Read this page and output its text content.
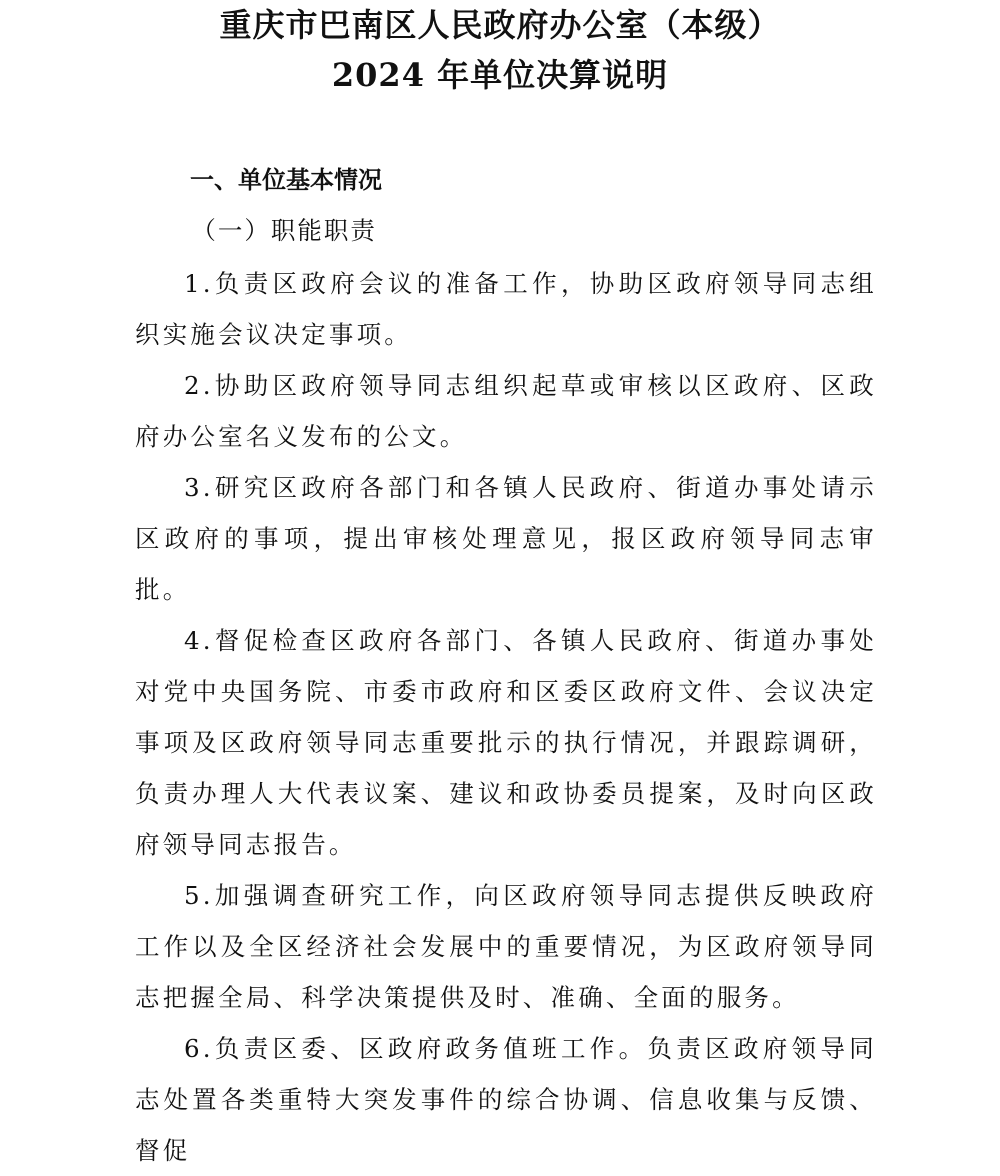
重庆市巴南区人民政府办公室（本级）
2024 年单位决算说明
一、单位基本情况

（一）职能职责

1.负责区政府会议的准备工作，协助区政府领导同志组织实施会议决定事项。

2.协助区政府领导同志组织起草或审核以区政府、区政府办公室名义发布的公文。

3.研究区政府各部门和各镇人民政府、街道办事处请示区政府的事项，提出审核处理意见，报区政府领导同志审批。

4.督促检查区政府各部门、各镇人民政府、街道办事处对党中央国务院、市委市政府和区委区政府文件、会议决定事项及区政府领导同志重要批示的执行情况，并跟踪调研，负责办理人大代表议案、建议和政协委员提案，及时向区政府领导同志报告。

5.加强调查研究工作，向区政府领导同志提供反映政府工作以及全区经济社会发展中的重要情况，为区政府领导同志把握全局、科学决策提供及时、准确、全面的服务。

6.负责区委、区政府政务值班工作。负责区政府领导同志处置各类重特大突发事件的综合协调、信息收集与反馈、督促
